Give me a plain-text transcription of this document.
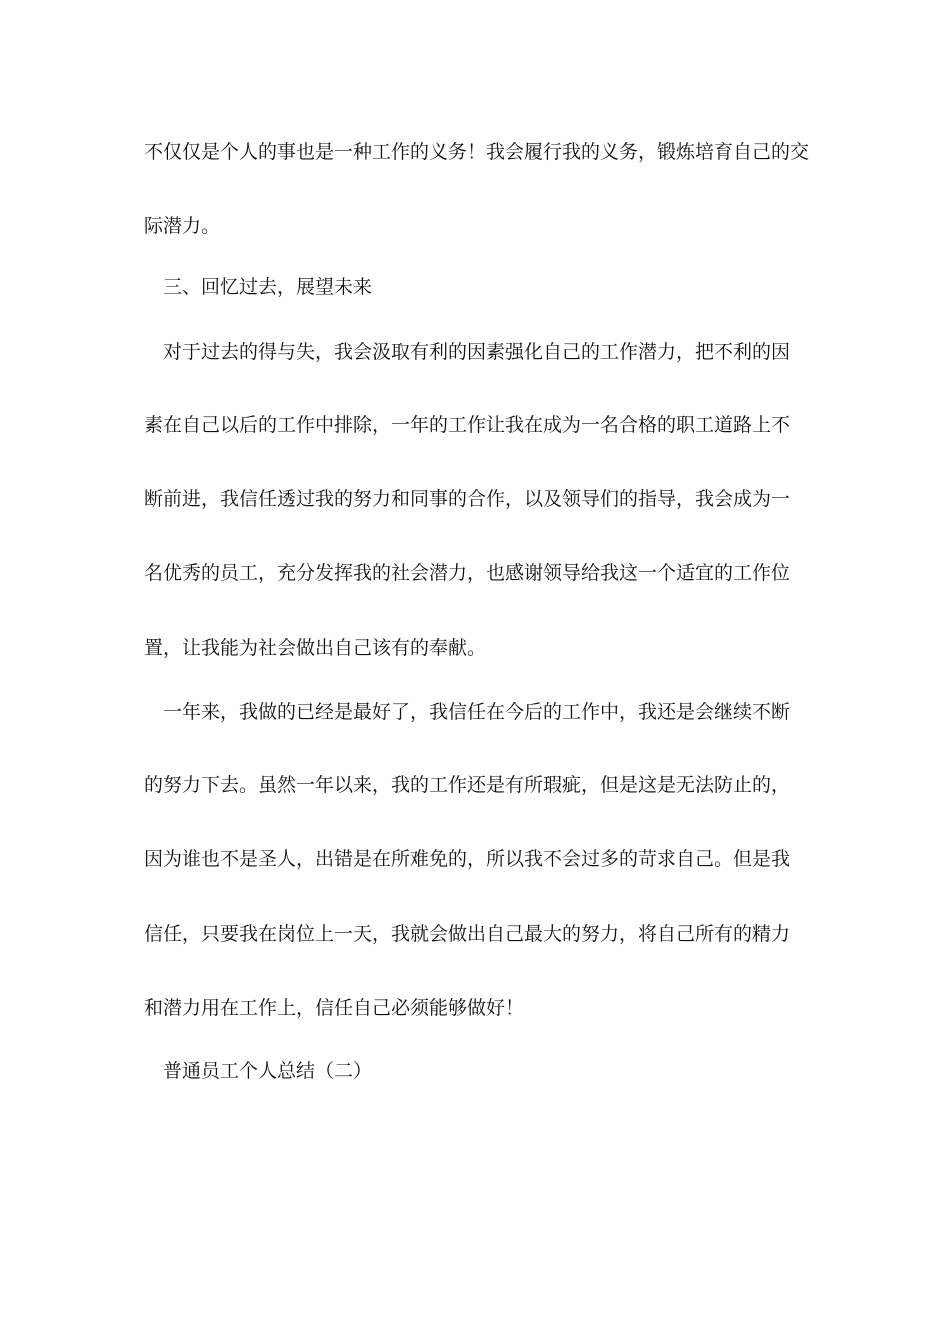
不仅仅是个人的事也是一种工作的义务！我会履行我的义务，锻炼培育自己的交
际潜力。
三、回忆过去，展望未来
对于过去的得与失，我会汲取有利的因素强化自己的工作潜力，把不利的因
素在自己以后的工作中排除，一年的工作让我在成为一名合格的职工道路上不
断前进，我信任透过我的努力和同事的合作，以及领导们的指导，我会成为一
名优秀的员工，充分发挥我的社会潜力，也感谢领导给我这一个适宜的工作位
置，让我能为社会做出自己该有的奉献。
一年来，我做的已经是最好了，我信任在今后的工作中，我还是会继续不断
的努力下去。虽然一年以来，我的工作还是有所瑕疵，但是这是无法防止的，
因为谁也不是圣人，出错是在所难免的，所以我不会过多的苛求自己。但是我
信任，只要我在岗位上一天，我就会做出自己最大的努力，将自己所有的精力
和潜力用在工作上，信任自己必须能够做好！
普通员工个人总结（二）
